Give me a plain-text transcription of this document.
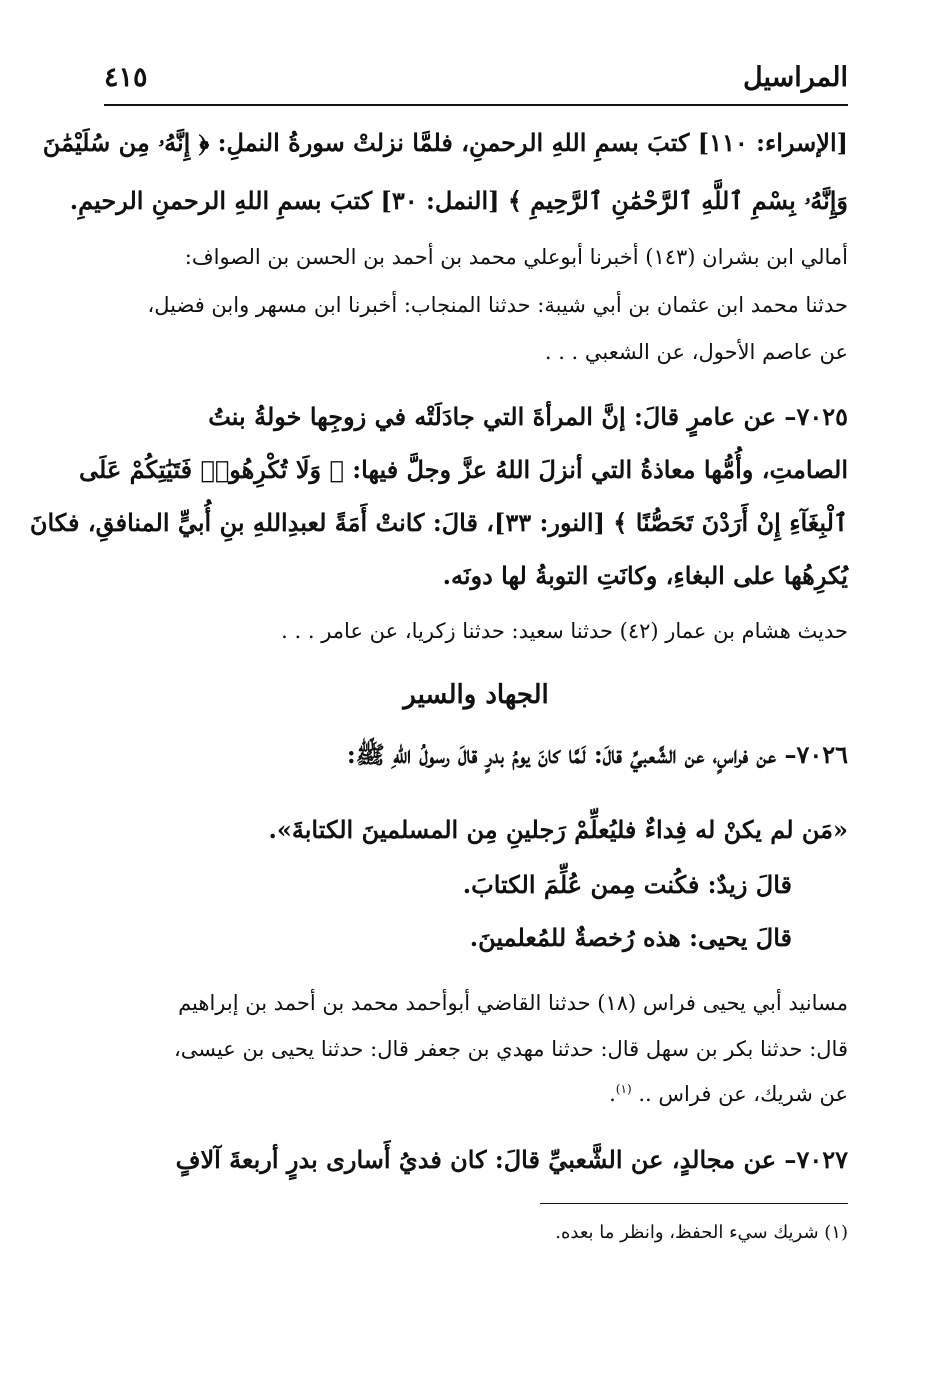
المراسيل
٤١٥
[الإسراء: ١١٠] كتبَ بسمِ اللهِ الرحمنِ، فلمَّا نزلتْ سورةُ النملِ: ﴿ إِنَّهُۥ مِن سُلَيْمَٰنَ
وَإِنَّهُۥ بِسْمِ ٱللَّهِ ٱلرَّحْمَٰنِ ٱلرَّحِيمِ ﴾ [النمل: ٣٠] كتبَ بسمِ اللهِ الرحمنِ الرحيمِ.
أمالي ابن بشران (١٤٣) أخبرنا أبوعلي محمد بن أحمد بن الحسن بن الصواف:
حدثنا محمد ابن عثمان بن أبي شيبة: حدثنا المنجاب: أخبرنا ابن مسهر وابن فضيل،
عن عاصم الأحول، عن الشعبي . . .
٧٠٢٥– عن عامرٍ قالَ: إنَّ المرأةَ التي جادَلَتْه في زوجِها خولةُ بنتُ
الصامتِ، وأُمُّها معاذةُ التي أنزلَ اللهُ عزَّ وجلَّ فيها: ﴿ وَلَا تُكْرِهُوا۟ فَتَيَٰتِكُمْ عَلَى
ٱلْبِغَآءِ إِنْ أَرَدْنَ تَحَصُّنًا ﴾ [النور: ٣٣]، قالَ: كانتْ أَمَةً لعبدِاللهِ بنِ أُبيٍّ المنافقِ، فكانَ
يُكرِهُها على البغاءِ، وكانَتِ التوبةُ لها دونَه.
حديث هشام بن عمار (٤٢) حدثنا سعيد: حدثنا زكريا، عن عامر . . .
الجهاد والسير
٧٠٢٦– عن فراسٍ، عن الشَّعبيِّ قالَ: لَمَّا كانَ يومُ بدرٍ قالَ رسولُ اللهِ ﷺ:
«مَن لم يكنْ له فِداءٌ فليُعلِّمْ رَجلينِ مِن المسلمينَ الكتابةَ».
قالَ زيدٌ: فكُنت مِمن عُلِّمَ الكتابَ.
قالَ يحيى: هذه رُخصةٌ للمُعلمينَ.
مسانيد أبي يحيى فراس (١٨) حدثنا القاضي أبوأحمد محمد بن أحمد بن إبراهيم
قال: حدثنا بكر بن سهل قال: حدثنا مهدي بن جعفر قال: حدثنا يحيى بن عيسى،
عن شريك، عن فراس .. $^{(١)}$.
٧٠٢٧– عن مجالدٍ، عن الشَّعبيِّ قالَ: كان فديُ أَسارى بدرٍ أربعةَ آلافٍ
(١) شريك سيء الحفظ، وانظر ما بعده.
